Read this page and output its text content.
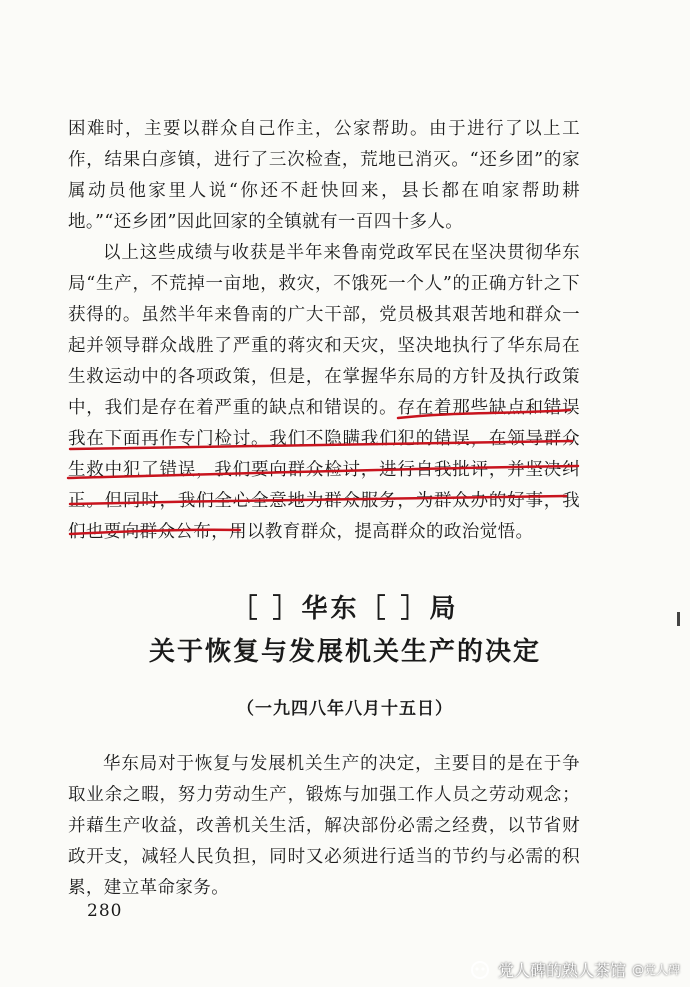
困难时，主要以群众自己作主，公家帮助。由于进行了以上工作，结果白彦镇，进行了三次检查，荒地已消灭。“还乡团”的家属动员他家里人说“你还不赶快回来，县长都在咱家帮助耕地。”“还乡团”因此回家的全镇就有一百四十多人。

以上这些成绩与收获是半年来鲁南党政军民在坚决贯彻华东局“生产，不荒掉一亩地，救灾，不饿死一个人”的正确方针之下获得的。虽然半年来鲁南的广大干部，党员极其艰苦地和群众一起并领导群众战胜了严重的蒋灾和天灾，坚决地执行了华东局在生救运动中的各项政策，但是，在掌握华东局的方针及执行政策中，我们是存在着严重的缺点和错误的。存在着那些缺点和错误我在下面再作专门检讨。我们不隐瞒我们犯的错误，在领导群众生救中犯了错误，我们要向群众检讨，进行自我批评，并坚决纠正。但同时，我们全心全意地为群众服务，为群众办的好事，我们也要向群众公布，用以教育群众，提高群众的政治觉悟。

［ ］华东［ ］局
关于恢复与发展机关生产的决定
（一九四八年八月十五日）

华东局对于恢复与发展机关生产的决定，主要目的是在于争取业余之暇，努力劳动生产，锻炼与加强工作人员之劳动观念；并藉生产收益，改善机关生活，解决部份必需之经费，以节省财政开支，减轻人民负担，同时又必须进行适当的节约与必需的积累，建立革命家务。

280
党人碑的熟人茶馆 @党人碑
